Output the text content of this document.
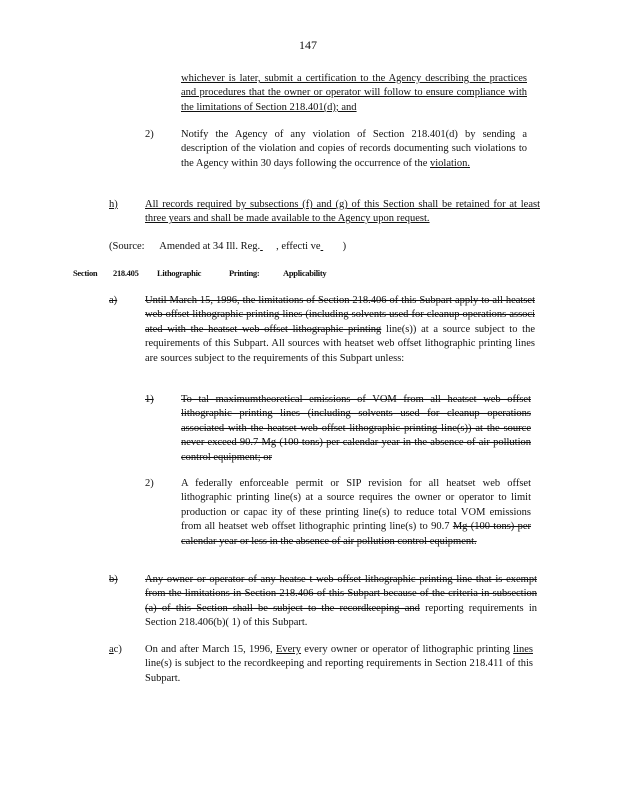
147
whichever is later, submit a certification to the Agency describing the practices and procedures that the owner or operator will follow to ensure compliance with the limitations of Section 218.401(d); and
2)	Notify the Agency of any violation of Section 218.401(d) by sending a description of the violation and copies of records documenting such violations to the Agency within 30 days following the occurrence of the violation.
h)	All records required by subsections (f) and (g) of this Section shall be retained for at least three years and shall be made available to the Agency upon request.
(Source: Amended at 34 Ill. Reg. , effecti ve )
Section 218.405 Lithographic	Printing:	Applicability
a)	Until March 15, 1996, the limitations of Section 218.406 of this Subpart apply to all heatset web offset lithographic printing lines (including solvents used for cleanup operations associ ated with the heatset web offset lithographic printing line(s)) at a source subject to the requirements of this Subpart. All sources with heatset web offset lithographic printing lines are sources subject to the requirements of this Subpart unless:
1)	To tal maximumtheoretical emissions of VOM from all heatset web offset lithographic printing lines (including solvents used for cleanup operations associated with the heatset web offset lithographic printing line(s)) at the source never exceed 90.7 Mg (100 tons) per calendar year in the absence of air pollution control equipment; or
2)	A federally enforceable permit or SIP revision for all heatset web offset lithographic printing line(s) at a source requires the owner or operator to limit production or capac ity of these printing line(s) to reduce total VOM emissions from all heatset web offset lithographic printing line(s) to 90.7 Mg (100 tons) per calendar year or less in the absence of air pollution control equipment.
b)	Any owner or operator of any heatse t web offset lithographic printing line that is exempt from the limitations in Section 218.406 of this Subpart because of the criteria in subsection (a) of this Section shall be subject to the recordkeeping and reporting requirements in Section 218.406(b)( 1) of this Subpart.
ac) On and after March 15, 1996, Every every owner or operator of lithographic printing lines line(s) is subject to the recordkeeping and reporting requirements in Section 218.411 of this Subpart.
